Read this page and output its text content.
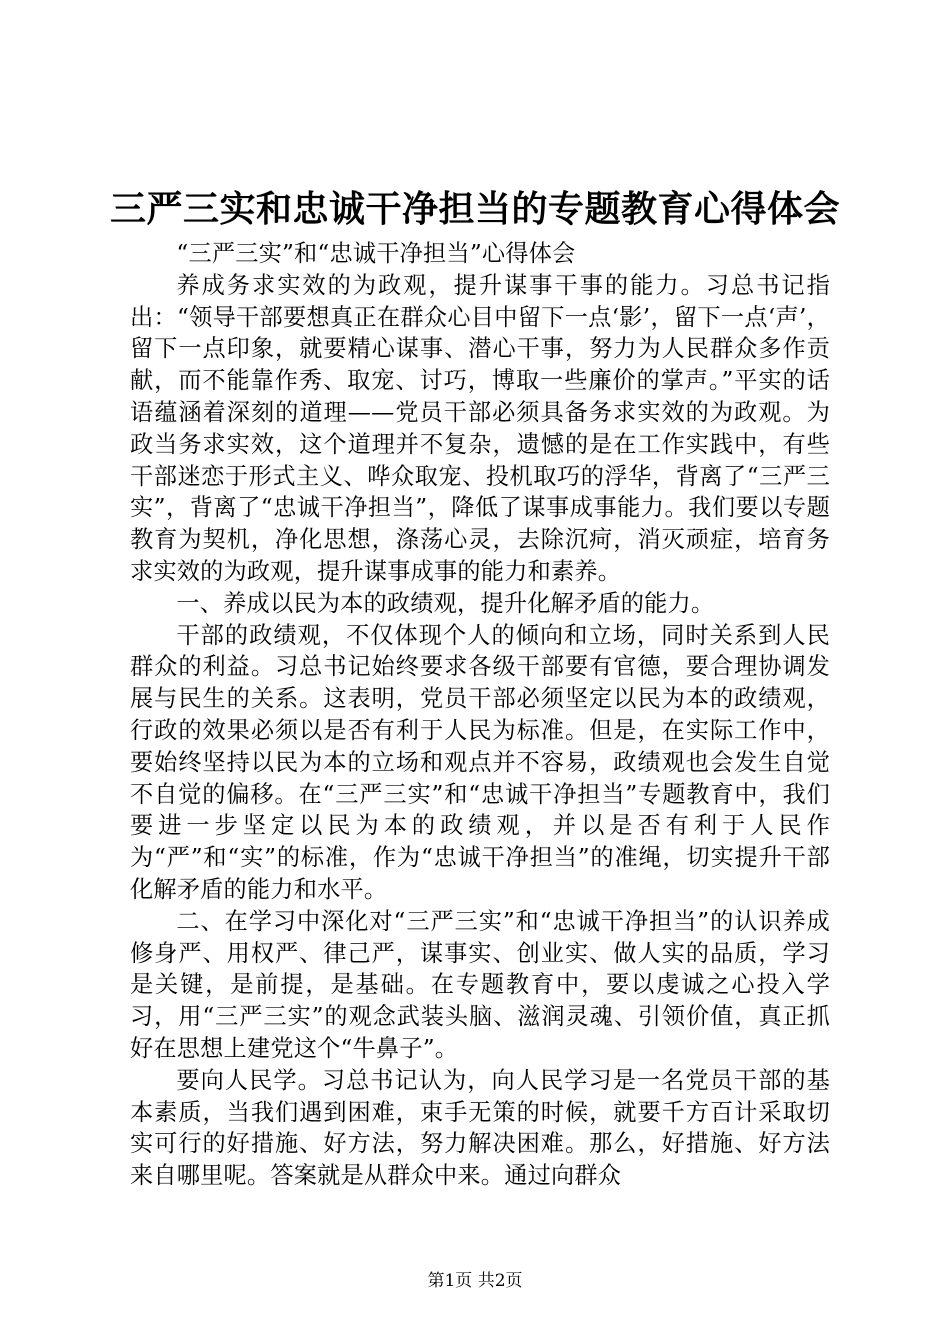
三严三实和忠诚干净担当的专题教育心得体会

“三严三实”和“忠诚干净担当”心得体会

养成务求实效的为政观，提升谋事干事的能力。习总书记指出：“领导干部要想真正在群众心目中留下一点‘影’，留下一点‘声’，留下一点印象，就要精心谋事、潜心干事，努力为人民群众多作贡献，而不能靠作秀、取宠、讨巧，博取一些廉价的掌声。”平实的话语蕴涵着深刻的道理——党员干部必须具备务求实效的为政观。为政当务求实效，这个道理并不复杂，遗憾的是在工作实践中，有些干部迷恋于形式主义、哗众取宠、投机取巧的浮华，背离了“三严三实”，背离了“忠诚干净担当”，降低了谋事成事能力。我们要以专题教育为契机，净化思想，涤荡心灵，去除沉疴，消灭顽症，培育务求实效的为政观，提升谋事成事的能力和素养。

一、养成以民为本的政绩观，提升化解矛盾的能力。

干部的政绩观，不仅体现个人的倾向和立场，同时关系到人民群众的利益。习总书记始终要求各级干部要有官德，要合理协调发展与民生的关系。这表明，党员干部必须坚定以民为本的政绩观，行政的效果必须以是否有利于人民为标准。但是，在实际工作中，要始终坚持以民为本的立场和观点并不容易，政绩观也会发生自觉不自觉的偏移。在“三严三实”和“忠诚干净担当”专题教育中，我们要进一步坚定以民为本的政绩观，并以是否有利于人民作为“严”和“实”的标准，作为“忠诚干净担当”的准绳，切实提升干部化解矛盾的能力和水平。

二、在学习中深化对“三严三实”和“忠诚干净担当”的认识养成修身严、用权严、律己严，谋事实、创业实、做人实的品质，学习是关键，是前提，是基础。在专题教育中，要以虔诚之心投入学习，用“三严三实”的观念武装头脑、滋润灵魂、引领价值，真正抓好在思想上建党这个“牛鼻子”。

要向人民学。习总书记认为，向人民学习是一名党员干部的基本素质，当我们遇到困难，束手无策的时候，就要千方百计采取切实可行的好措施、好方法，努力解决困难。那么，好措施、好方法来自哪里呢。答案就是从群众中来。通过向群众

第1页 共2页
